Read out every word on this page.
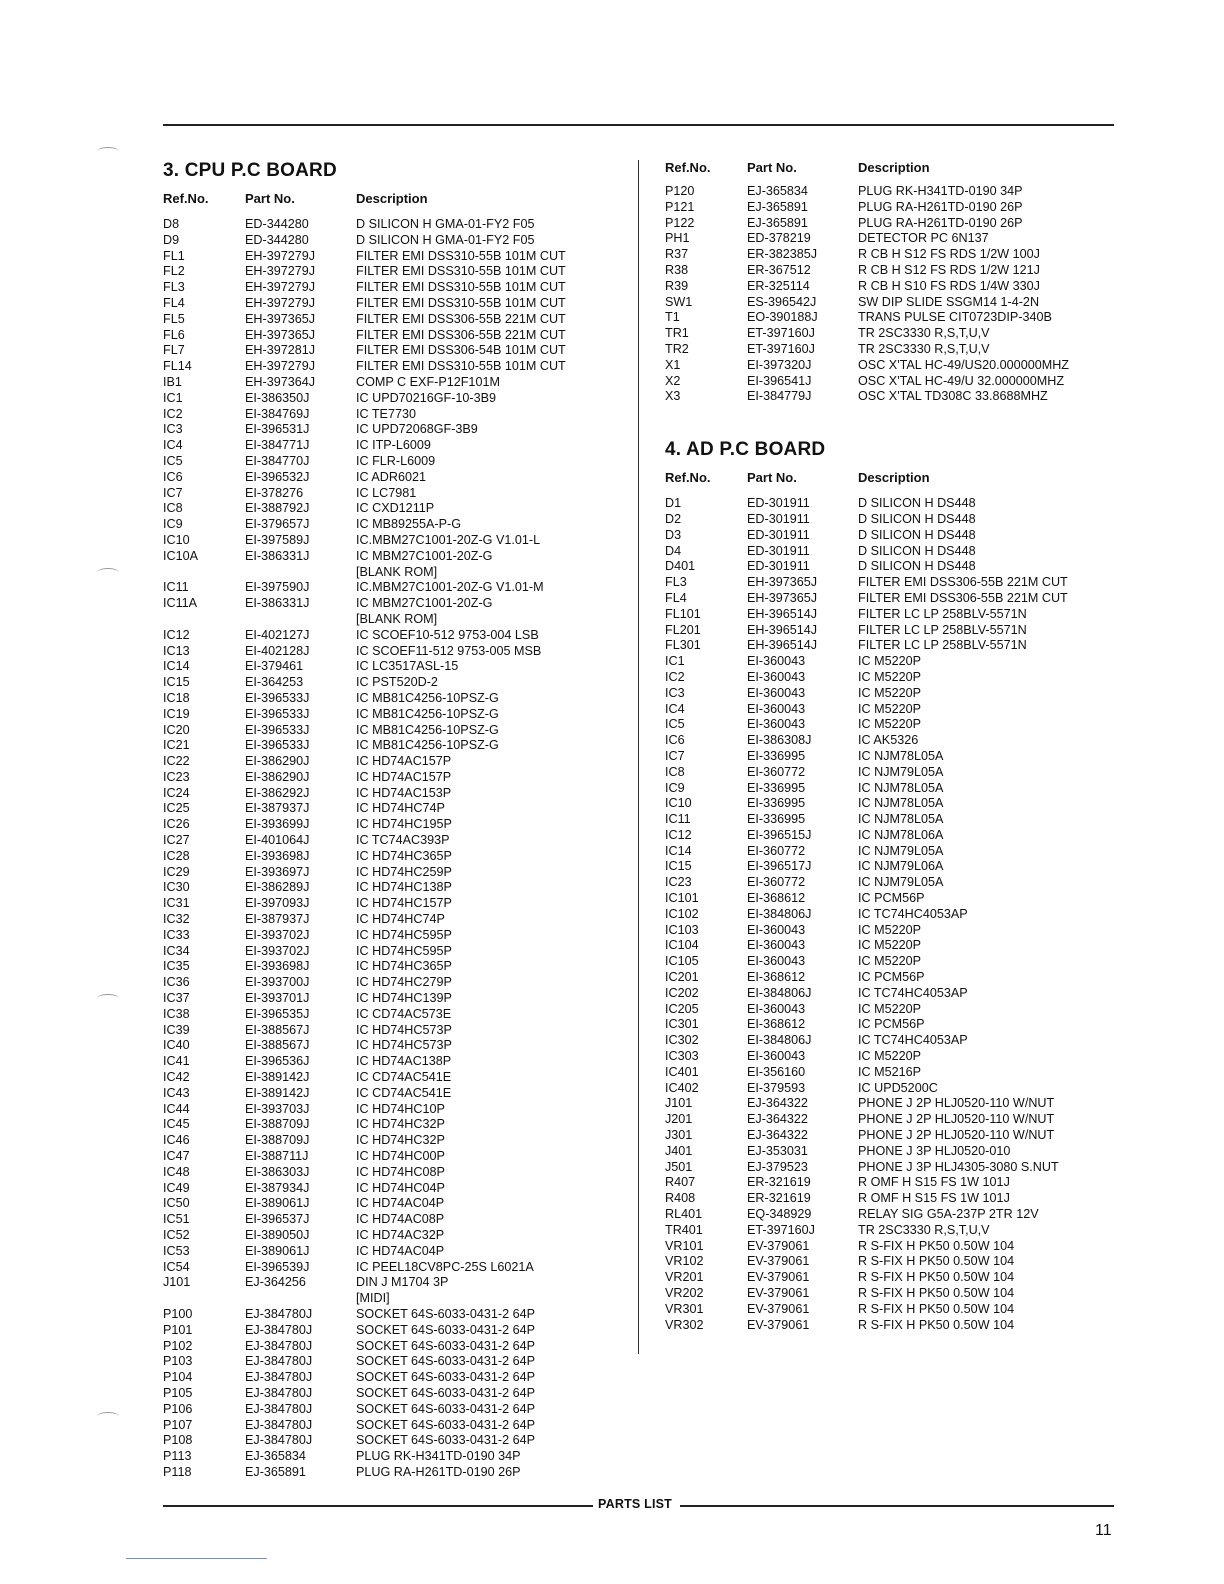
3. CPU P.C BOARD
Ref.No.	Part No.	Description
D8	ED-344280	D SILICON H GMA-01-FY2 F05
D9	ED-344280	D SILICON H GMA-01-FY2 F05
FL1	EH-397279J	FILTER EMI DSS310-55B 101M CUT
FL2	EH-397279J	FILTER EMI DSS310-55B 101M CUT
FL3	EH-397279J	FILTER EMI DSS310-55B 101M CUT
FL4	EH-397279J	FILTER EMI DSS310-55B 101M CUT
FL5	EH-397365J	FILTER EMI DSS306-55B 221M CUT
FL6	EH-397365J	FILTER EMI DSS306-55B 221M CUT
FL7	EH-397281J	FILTER EMI DSS306-54B 101M CUT
FL14	EH-397279J	FILTER EMI DSS310-55B 101M CUT
IB1	EH-397364J	COMP C EXF-P12F101M
IC1	EI-386350J	IC UPD70216GF-10-3B9
IC2	EI-384769J	IC TE7730
IC3	EI-396531J	IC UPD72068GF-3B9
IC4	EI-384771J	IC ITP-L6009
IC5	EI-384770J	IC FLR-L6009
IC6	EI-396532J	IC ADR6021
IC7	EI-378276	IC LC7981
IC8	EI-388792J	IC CXD1211P
IC9	EI-379657J	IC MB89255A-P-G
IC10	EI-397589J	IC.MBM27C1001-20Z-G V1.01-L
IC10A	EI-386331J	IC MBM27C1001-20Z-G
[BLANK ROM]
IC11	EI-397590J	IC.MBM27C1001-20Z-G V1.01-M
IC11A	EI-386331J	IC MBM27C1001-20Z-G
[BLANK ROM]
IC12	EI-402127J	IC SCOEF10-512 9753-004 LSB
IC13	EI-402128J	IC SCOEF11-512 9753-005 MSB
IC14	EI-379461	IC LC3517ASL-15
IC15	EI-364253	IC PST520D-2
IC18	EI-396533J	IC MB81C4256-10PSZ-G
IC19	EI-396533J	IC MB81C4256-10PSZ-G
IC20	EI-396533J	IC MB81C4256-10PSZ-G
IC21	EI-396533J	IC MB81C4256-10PSZ-G
IC22	EI-386290J	IC HD74AC157P
IC23	EI-386290J	IC HD74AC157P
IC24	EI-386292J	IC HD74AC153P
IC25	EI-387937J	IC HD74HC74P
IC26	EI-393699J	IC HD74HC195P
IC27	EI-401064J	IC TC74AC393P
IC28	EI-393698J	IC HD74HC365P
IC29	EI-393697J	IC HD74HC259P
IC30	EI-386289J	IC HD74HC138P
IC31	EI-397093J	IC HD74HC157P
IC32	EI-387937J	IC HD74HC74P
IC33	EI-393702J	IC HD74HC595P
IC34	EI-393702J	IC HD74HC595P
IC35	EI-393698J	IC HD74HC365P
IC36	EI-393700J	IC HD74HC279P
IC37	EI-393701J	IC HD74HC139P
IC38	EI-396535J	IC CD74AC573E
IC39	EI-388567J	IC HD74HC573P
IC40	EI-388567J	IC HD74HC573P
IC41	EI-396536J	IC HD74AC138P
IC42	EI-389142J	IC CD74AC541E
IC43	EI-389142J	IC CD74AC541E
IC44	EI-393703J	IC HD74HC10P
IC45	EI-388709J	IC HD74HC32P
IC46	EI-388709J	IC HD74HC32P
IC47	EI-388711J	IC HD74HC00P
IC48	EI-386303J	IC HD74HC08P
IC49	EI-387934J	IC HD74HC04P
IC50	EI-389061J	IC HD74AC04P
IC51	EI-396537J	IC HD74AC08P
IC52	EI-389050J	IC HD74AC32P
IC53	EI-389061J	IC HD74AC04P
IC54	EI-396539J	IC PEEL18CV8PC-25S L6021A
J101	EJ-364256	DIN J M1704 3P
[MIDI]
P100	EJ-384780J	SOCKET 64S-6033-0431-2 64P
P101	EJ-384780J	SOCKET 64S-6033-0431-2 64P
P102	EJ-384780J	SOCKET 64S-6033-0431-2 64P
P103	EJ-384780J	SOCKET 64S-6033-0431-2 64P
P104	EJ-384780J	SOCKET 64S-6033-0431-2 64P
P105	EJ-384780J	SOCKET 64S-6033-0431-2 64P
P106	EJ-384780J	SOCKET 64S-6033-0431-2 64P
P107	EJ-384780J	SOCKET 64S-6033-0431-2 64P
P108	EJ-384780J	SOCKET 64S-6033-0431-2 64P
P113	EJ-365834	PLUG RK-H341TD-0190 34P
P118	EJ-365891	PLUG RA-H261TD-0190 26P
Ref.No.	Part No.	Description
P120	EJ-365834	PLUG RK-H341TD-0190 34P
P121	EJ-365891	PLUG RA-H261TD-0190 26P
P122	EJ-365891	PLUG RA-H261TD-0190 26P
PH1	ED-378219	DETECTOR PC 6N137
R37	ER-382385J	R CB H S12 FS RDS 1/2W 100J
R38	ER-367512	R CB H S12 FS RDS 1/2W 121J
R39	ER-325114	R CB H S10 FS RDS 1/4W 330J
SW1	ES-396542J	SW DIP SLIDE SSGM14 1-4-2N
T1	EO-390188J	TRANS PULSE CIT0723DIP-340B
TR1	ET-397160J	TR 2SC3330 R,S,T,U,V
TR2	ET-397160J	TR 2SC3330 R,S,T,U,V
X1	EI-397320J	OSC X'TAL HC-49/US20.000000MHZ
X2	EI-396541J	OSC X'TAL HC-49/U 32.000000MHZ
X3	EI-384779J	OSC X'TAL TD308C 33.8688MHZ
4. AD P.C BOARD
Ref.No.	Part No.	Description
D1	ED-301911	D SILICON H DS448
D2	ED-301911	D SILICON H DS448
D3	ED-301911	D SILICON H DS448
D4	ED-301911	D SILICON H DS448
D401	ED-301911	D SILICON H DS448
FL3	EH-397365J	FILTER EMI DSS306-55B 221M CUT
FL4	EH-397365J	FILTER EMI DSS306-55B 221M CUT
FL101	EH-396514J	FILTER LC LP 258BLV-5571N
FL201	EH-396514J	FILTER LC LP 258BLV-5571N
FL301	EH-396514J	FILTER LC LP 258BLV-5571N
IC1	EI-360043	IC M5220P
IC2	EI-360043	IC M5220P
IC3	EI-360043	IC M5220P
IC4	EI-360043	IC M5220P
IC5	EI-360043	IC M5220P
IC6	EI-386308J	IC AK5326
IC7	EI-336995	IC NJM78L05A
IC8	EI-360772	IC NJM79L05A
IC9	EI-336995	IC NJM78L05A
IC10	EI-336995	IC NJM78L05A
IC11	EI-336995	IC NJM78L05A
IC12	EI-396515J	IC NJM78L06A
IC14	EI-360772	IC NJM79L05A
IC15	EI-396517J	IC NJM79L06A
IC23	EI-360772	IC NJM79L05A
IC101	EI-368612	IC PCM56P
IC102	EI-384806J	IC TC74HC4053AP
IC103	EI-360043	IC M5220P
IC104	EI-360043	IC M5220P
IC105	EI-360043	IC M5220P
IC201	EI-368612	IC PCM56P
IC202	EI-384806J	IC TC74HC4053AP
IC205	EI-360043	IC M5220P
IC301	EI-368612	IC PCM56P
IC302	EI-384806J	IC TC74HC4053AP
IC303	EI-360043	IC M5220P
IC401	EI-356160	IC M5216P
IC402	EI-379593	IC UPD5200C
J101	EJ-364322	PHONE J 2P HLJ0520-110 W/NUT
J201	EJ-364322	PHONE J 2P HLJ0520-110 W/NUT
J301	EJ-364322	PHONE J 2P HLJ0520-110 W/NUT
J401	EJ-353031	PHONE J 3P HLJ0520-010
J501	EJ-379523	PHONE J 3P HLJ4305-3080 S.NUT
R407	ER-321619	R OMF H S15 FS 1W 101J
R408	ER-321619	R OMF H S15 FS 1W 101J
RL401	EQ-348929	RELAY SIG G5A-237P 2TR 12V
TR401	ET-397160J	TR 2SC3330 R,S,T,U,V
VR101	EV-379061	R S-FIX H PK50 0.50W 104
VR102	EV-379061	R S-FIX H PK50 0.50W 104
VR201	EV-379061	R S-FIX H PK50 0.50W 104
VR202	EV-379061	R S-FIX H PK50 0.50W 104
VR301	EV-379061	R S-FIX H PK50 0.50W 104
VR302	EV-379061	R S-FIX H PK50 0.50W 104
PARTS LIST
11
